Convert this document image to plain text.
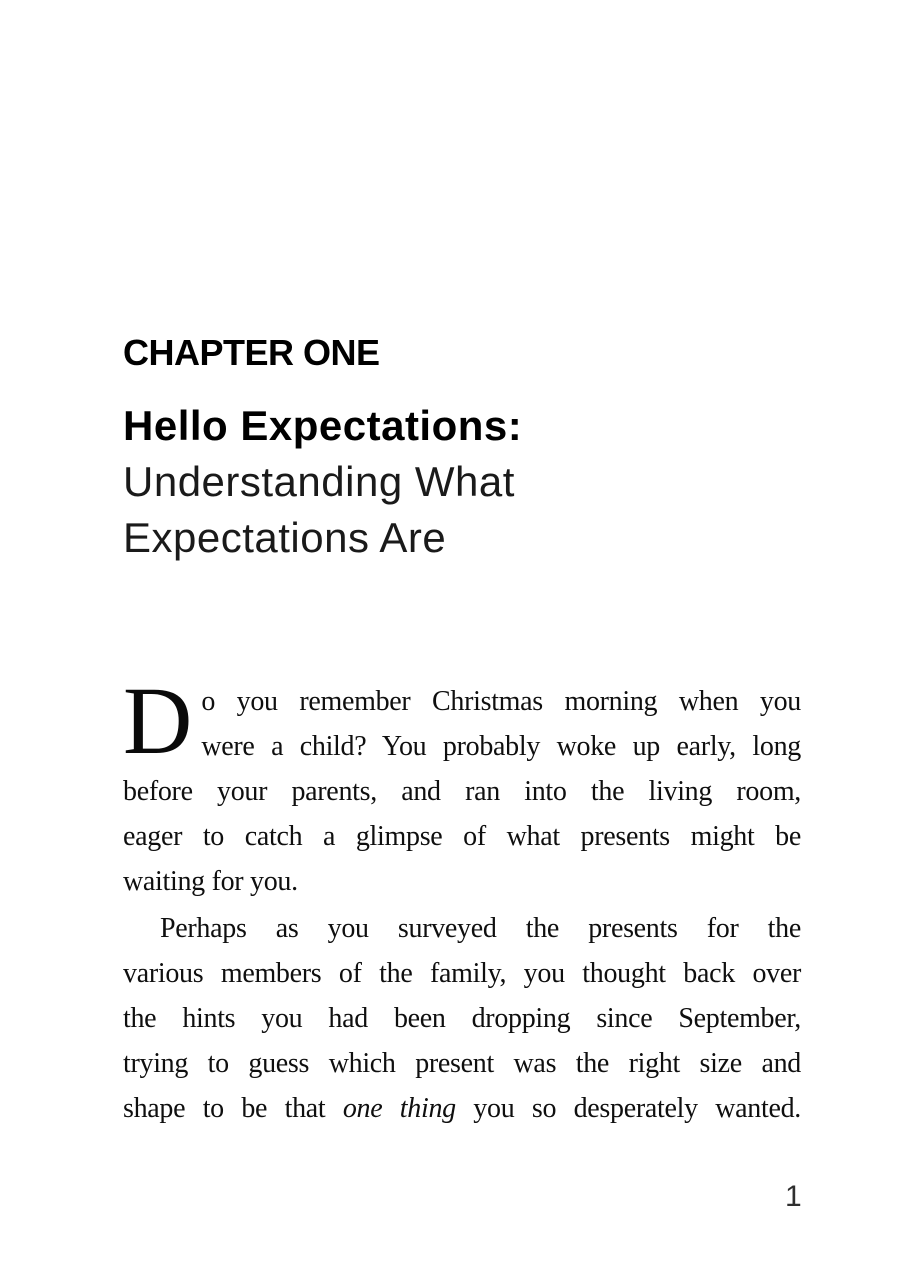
CHAPTER ONE
Hello Expectations:
Understanding What
Expectations Are
D o you remember Christmas morning when you
were a child? You probably woke up early, long
before your parents, and ran into the living room,
eager to catch a glimpse of what presents might be
waiting for you.
Perhaps as you surveyed the presents for the
various members of the family, you thought back over
the hints you had been dropping since September,
trying to guess which present was the right size and
shape to be that one thing you so desperately wanted.
1
